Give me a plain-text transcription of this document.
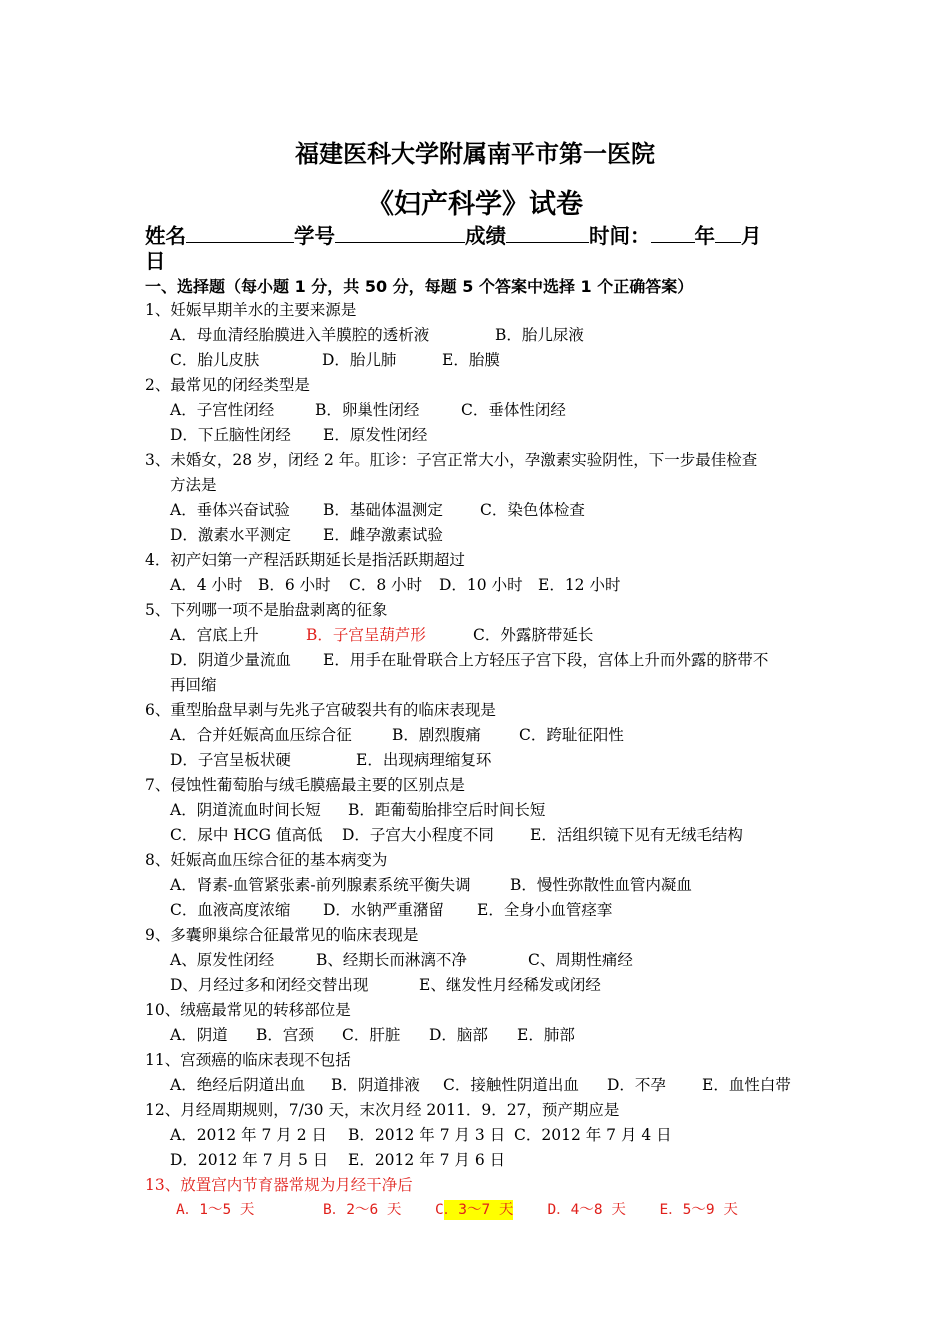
福建医科大学附属南平市第一医院
《妇产科学》试卷
姓名	学号	成绩	时间： 年 月
日
一、选择题（每小题 1 分，共 50 分，每题 5 个答案中选择 1 个正确答案）
1、妊娠早期羊水的主要来源是
A．母血清经胎膜进入羊膜腔的透析液	B．胎儿尿液
C．胎儿皮肤	D．胎儿肺	E．胎膜
2、最常见的闭经类型是
A．子宫性闭经	B．卵巢性闭经	C．垂体性闭经
D．下丘脑性闭经 E．原发性闭经
3、未婚女，28 岁，闭经 2 年。肛诊：子宫正常大小，孕激素实验阴性，下一步最佳检查
方法是
A．垂体兴奋试验 B．基础体温测定 C．染色体检查
D．激素水平测定 E．雌孕激素试验
4．初产妇第一产程活跃期延长是指活跃期超过
A．4 小时 B．6 小时 C．8 小时 D．10 小时 E．12 小时
5、下列哪一项不是胎盘剥离的征象
A．宫底上升	B．子宫呈葫芦形	C．外露脐带延长
D．阴道少量流血 E．用手在耻骨联合上方轻压子宫下段，宫体上升而外露的脐带不
再回缩
6、重型胎盘早剥与先兆子宫破裂共有的临床表现是
A．合并妊娠高血压综合征	B．剧烈腹痛 C．跨耻征阳性
D．子宫呈板状硬	E．出现病理缩复环
7、侵蚀性葡萄胎与绒毛膜癌最主要的区别点是
A．阴道流血时间长短 B．距葡萄胎排空后时间长短
C．尿中 HCG 值高低 D．子宫大小程度不同 E．活组织镜下见有无绒毛结构
8、妊娠高血压综合征的基本病变为
A．肾素-血管紧张素-前列腺素系统平衡失调	B．慢性弥散性血管内凝血
C．血液高度浓缩 D．水钠严重潴留 E．全身小血管痉挛
9、多囊卵巢综合征最常见的临床表现是
A、原发性闭经	B、经期长而淋漓不净	C、周期性痛经
D、月经过多和闭经交替出现	E、继发性月经稀发或闭经
10、绒癌最常见的转移部位是
A．阴道 B．宫颈 C．肝脏 D．脑部 E．肺部
11、宫颈癌的临床表现不包括
A．绝经后阴道出血 B．阴道排液 C．接触性阴道出血 D．不孕 E．血性白带
12、月经周期规则，7/30 天，末次月经 2011．9．27，预产期应是
A．2012 年 7 月 2 日 B．2012 年 7 月 3 日 C．2012 年 7 月 4 日
D．2012 年 7 月 5 日 E．2012 年 7 月 6 日
13、放置宫内节育器常规为月经干净后
A．1～5 天	B．2～6 天 C．3～7 天 D．4～8 天 E．5～9 天
